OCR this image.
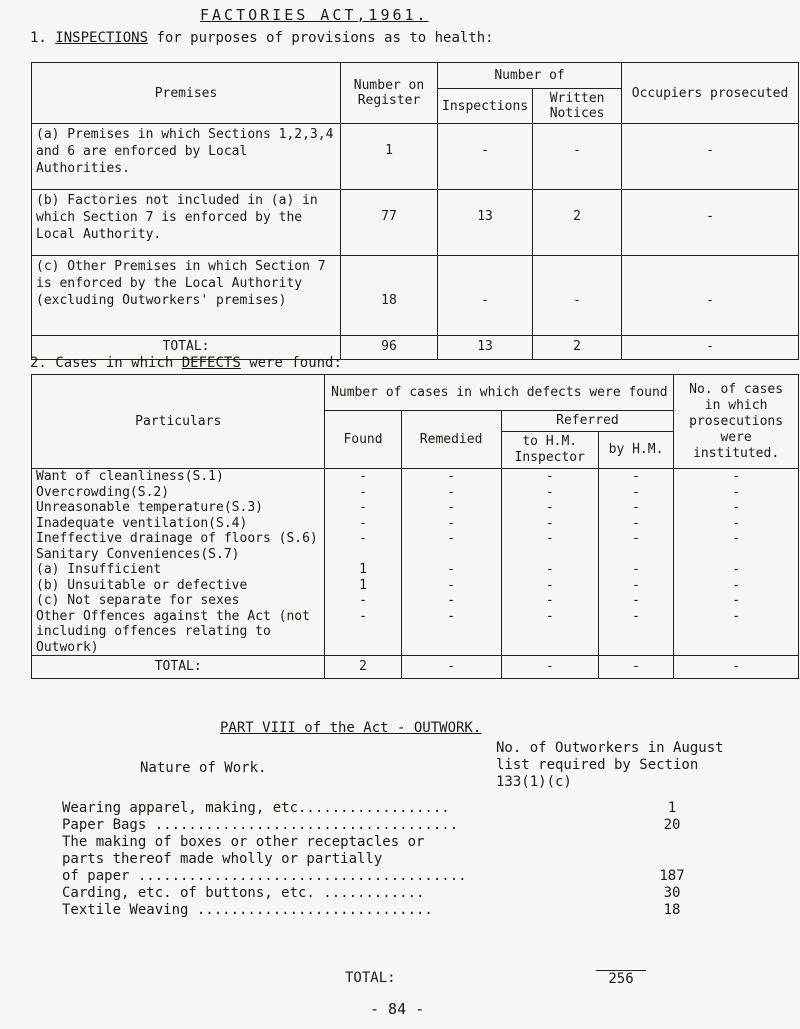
FACTORIES ACT,1961.
1. INSPECTIONS for purposes of provisions as to health:
Premises	Number on Register	Number of		Occupiers prosecuted
		Inspections	Written Notices	
(a) Premises in which Sections 1,2,3,4 and 6 are enforced by Local Authorities.	1	-	-	-
(b) Factories not included in (a) in which Section 7 is enforced by the Local Authority.	77	13	2	-
(c) Other Premises in which Section 7 is enforced by the Local Authority (excluding Outworkers' premises)	18	-	-	-
TOTAL:	96	13	2	-
2. Cases in which DEFECTS were found:
Particulars	Number of cases in which defects were found				No. of cases in which prosecutions were instituted.
	Found	Remedied	Referred		
			to H.M. Inspector	by H.M.	
Want of cleanliness(S.1)	-	-	-	-	-
Overcrowding(S.2)	-	-	-	-	-
Unreasonable temperature(S.3)	-	-	-	-	-
Inadequate ventilation(S.4)	-	-	-	-	-
Ineffective drainage of floors (S.6)	-	-	-	-	-
Sanitary Conveniences(S.7)					
(a) Insufficient	1	-	-	-	-
(b) Unsuitable or defective	1	-	-	-	-
(c) Not separate for sexes	-	-	-	-	-
Other Offences against the Act (not including offences relating to Outwork)	-	-	-	-	-
TOTAL:	2	-	-	-	-
PART VIII of the Act - OUTWORK.
No. of Outworkers in August list required by Section 133(1)(c)
Nature of Work.
Wearing apparel, making, etc..................	1
Paper Bags ....................................	20
The making of boxes or other receptacles or
parts thereof made wholly or partially
of paper .......................................	187
Carding, etc. of buttons, etc. ............	30
Textile Weaving ............................	18
TOTAL:	256
- 84 -
